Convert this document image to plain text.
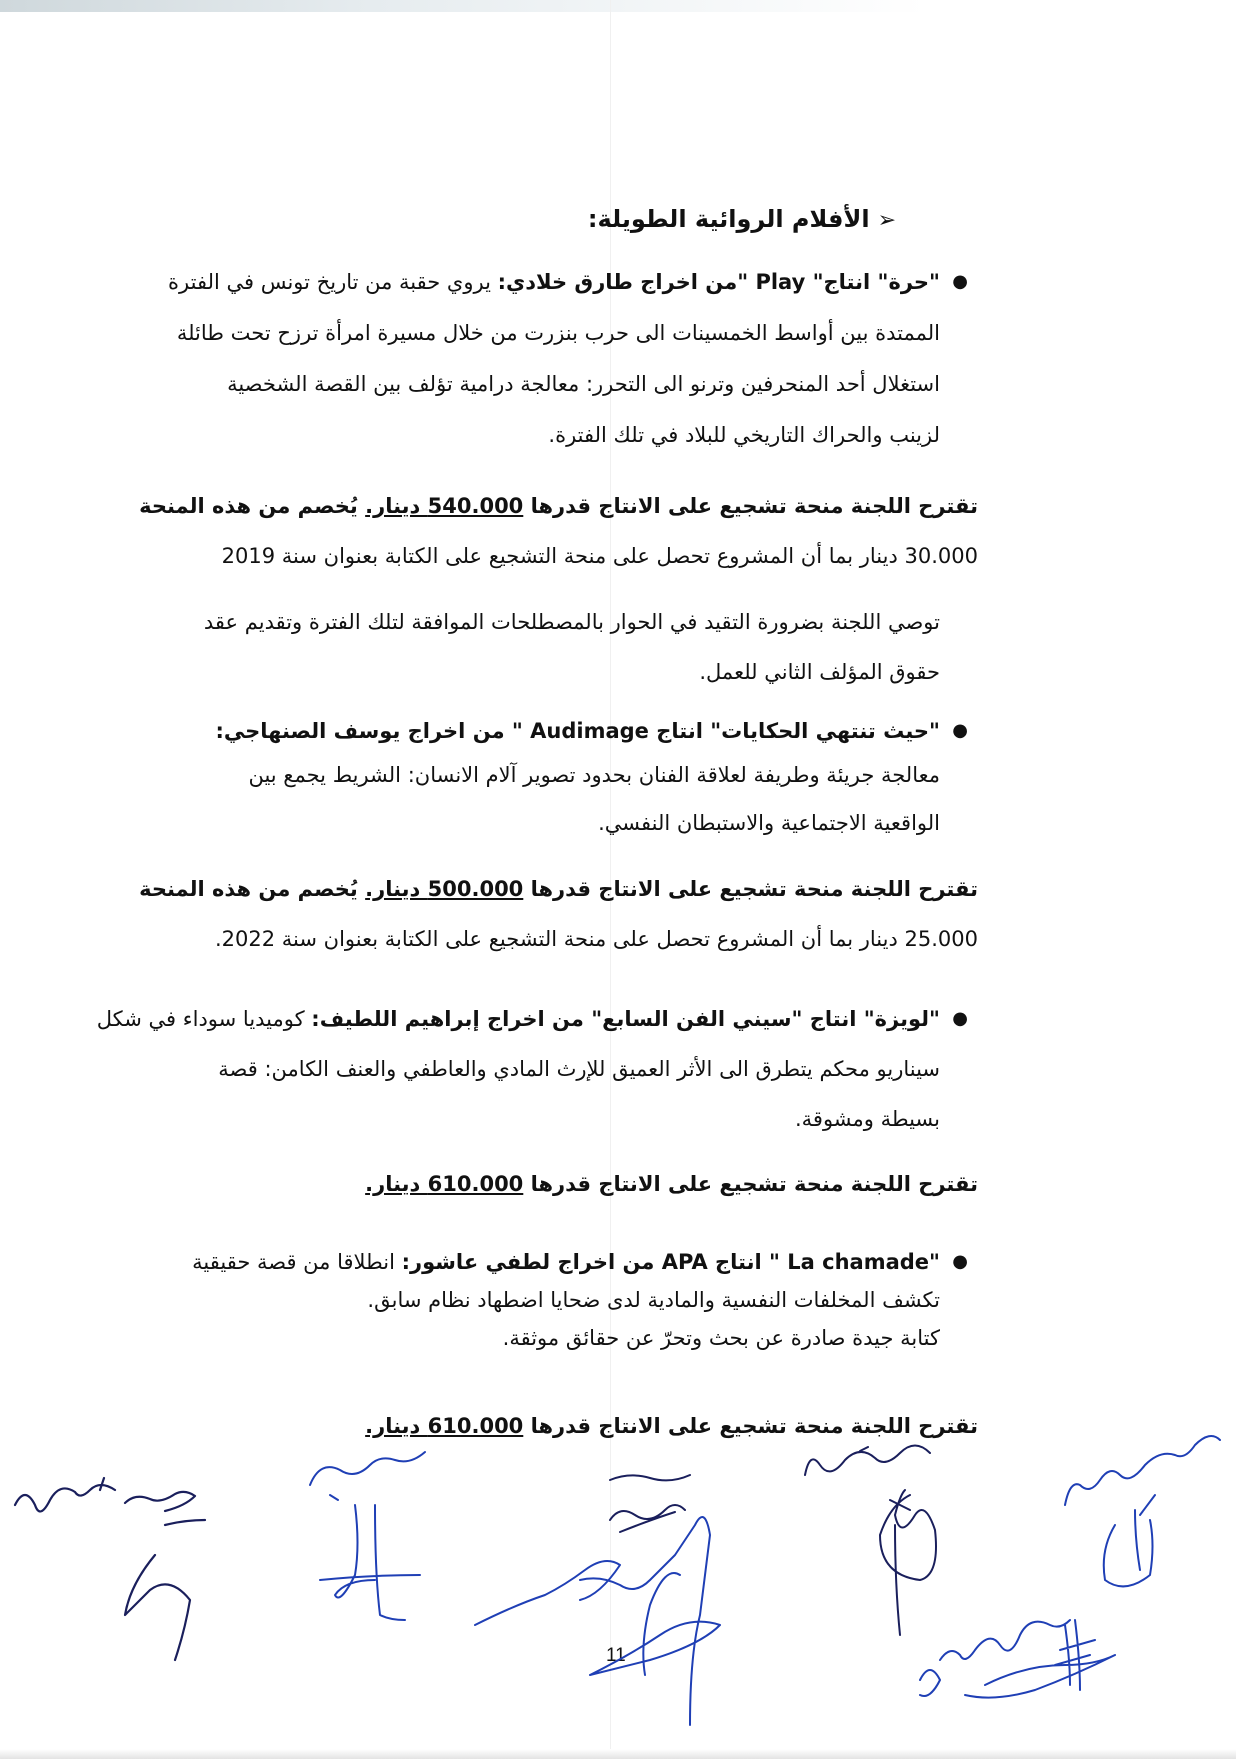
➢الأفلام الروائية الطويلة:
●
"حرة" انتاج" Play "من اخراج طارق خلادي: يروي حقبة من تاريخ تونس في الفترة
الممتدة بين أواسط الخمسينات الى حرب بنزرت من خلال مسيرة امرأة ترزح تحت طائلة
استغلال أحد المنحرفين وترنو الى التحرر: معالجة درامية تؤلف بين القصة الشخصية
لزينب والحراك التاريخي للبلاد في تلك الفترة.
تقترح اللجنة منحة تشجيع على الانتاج قدرها 540.000 دينار. يُخصم من هذه المنحة
30.000 دينار بما أن المشروع تحصل على منحة التشجيع على الكتابة بعنوان سنة 2019
توصي اللجنة بضرورة التقيد في الحوار بالمصطلحات الموافقة لتلك الفترة وتقديم عقد
حقوق المؤلف الثاني للعمل.
●
"حيث تنتهي الحكايات" انتاج Audimage " من اخراج يوسف الصنهاجي:
معالجة جريئة وطريفة لعلاقة الفنان بحدود تصوير آلام الانسان: الشريط يجمع بين
الواقعية الاجتماعية والاستبطان النفسي.
تقترح اللجنة منحة تشجيع على الانتاج قدرها 500.000 دينار. يُخصم من هذه المنحة
25.000 دينار بما أن المشروع تحصل على منحة التشجيع على الكتابة بعنوان سنة 2022.
●
"لويزة" انتاج "سيني الفن السابع" من اخراج إبراهيم اللطيف: كوميديا سوداء في شكل
سيناريو محكم يتطرق الى الأثر العميق للإرث المادي والعاطفي والعنف الكامن: قصة
بسيطة ومشوقة.
تقترح اللجنة منحة تشجيع على الانتاج قدرها 610.000 دينار.
●
"La chamade " انتاج APA من اخراج لطفي عاشور: انطلاقا من قصة حقيقية
تكشف المخلفات النفسية والمادية لدى ضحايا اضطهاد نظام سابق.
كتابة جيدة صادرة عن بحث وتحرّ عن حقائق موثقة.
تقترح اللجنة منحة تشجيع على الانتاج قدرها 610.000 دينار.
11
